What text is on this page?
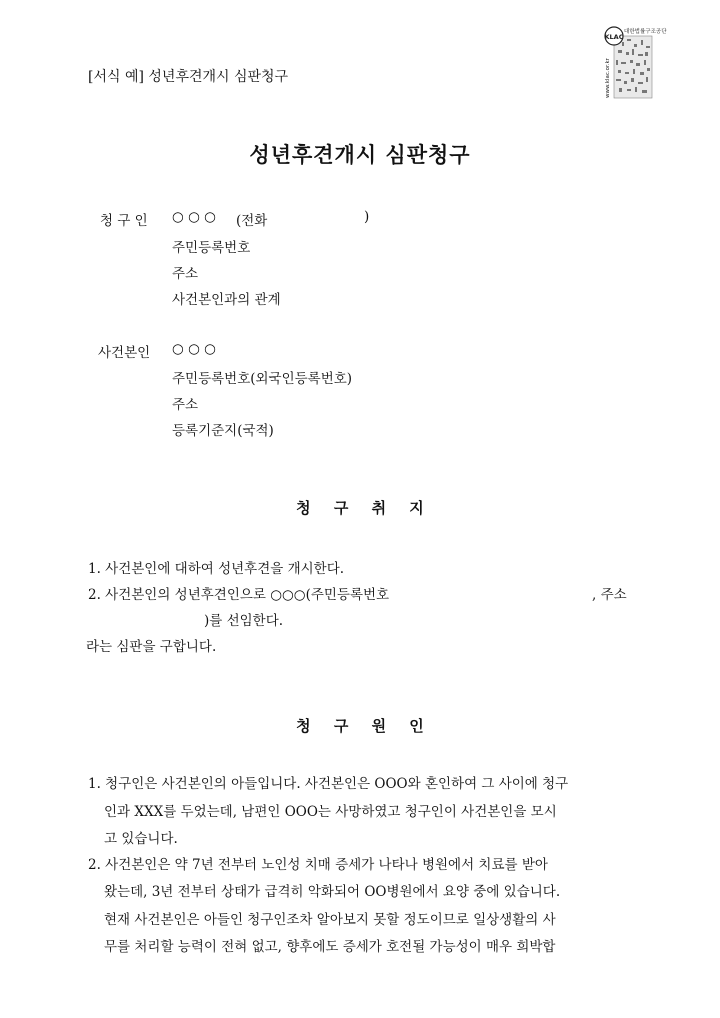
[서식 예] 성년후견개시 심판청구
KLAC
대한법률구조공단
www.klac.or.kr
성년후견개시 심판청구
청 구 인 ○ ○ ○ (전화	)
주민등록번호
주소
사건본인과의 관계
사건본인 ○ ○ ○
주민등록번호(외국인등록번호)
주소
등록기준지(국적)
청 구 취 지
1. 사건본인에 대하여 성년후견을 개시한다.
2. 사건본인의 성년후견인으로 ○○○(주민등록번호	, 주소
)를 선임한다.
라는 심판을 구합니다.
청 구 원 인
1. 청구인은 사건본인의 아들입니다. 사건본인은 OOO와 혼인하여 그 사이에 청구
인과 XXX를 두었는데, 남편인 OOO는 사망하였고 청구인이 사건본인을 모시
고 있습니다.
2. 사건본인은 약 7년 전부터 노인성 치매 증세가 나타나 병원에서 치료를 받아
왔는데, 3년 전부터 상태가 급격히 악화되어 OO병원에서 요양 중에 있습니다.
현재 사건본인은 아들인 청구인조차 알아보지 못할 정도이므로 일상생활의 사
무를 처리할 능력이 전혀 없고, 향후에도 증세가 호전될 가능성이 매우 희박합
